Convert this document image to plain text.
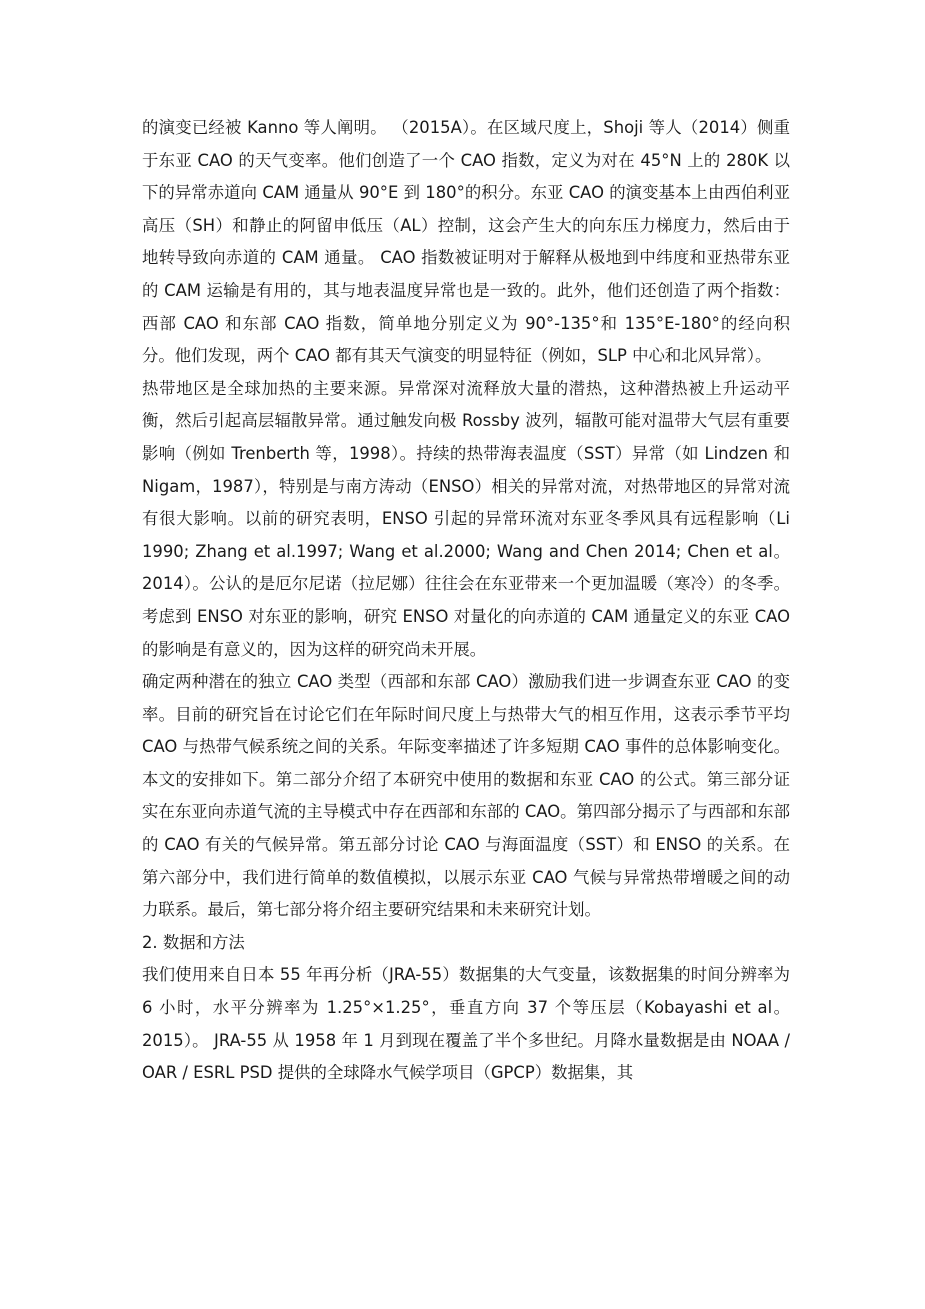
的演变已经被 Kanno 等人阐明。 （2015A）。在区域尺度上，Shoji 等人（2014）侧重于东亚 CAO 的天气变率。他们创造了一个 CAO 指数，定义为对在 45°N 上的 280K 以下的异常赤道向 CAM 通量从 90°E 到 180°的积分。东亚 CAO 的演变基本上由西伯利亚高压（SH）和静止的阿留申低压（AL）控制，这会产生大的向东压力梯度力，然后由于地转导致向赤道的 CAM 通量。 CAO 指数被证明对于解释从极地到中纬度和亚热带东亚的 CAM 运输是有用的，其与地表温度异常也是一致的。此外，他们还创造了两个指数：西部 CAO 和东部 CAO 指数，简单地分别定义为 90°-135°和 135°E-180°的经向积分。他们发现，两个 CAO 都有其天气演变的明显特征（例如，SLP 中心和北风异常）。

热带地区是全球加热的主要来源。异常深对流释放大量的潜热，这种潜热被上升运动平衡，然后引起高层辐散异常。通过触发向极 Rossby 波列，辐散可能对温带大气层有重要影响（例如 Trenberth 等，1998）。持续的热带海表温度（SST）异常（如 Lindzen 和 Nigam，1987），特别是与南方涛动（ENSO）相关的异常对流，对热带地区的异常对流有很大影响。以前的研究表明，ENSO 引起的异常环流对东亚冬季风具有远程影响（Li 1990; Zhang et al.1997; Wang et al.2000; Wang and Chen 2014; Chen et al。2014）。公认的是厄尔尼诺（拉尼娜）往往会在东亚带来一个更加温暖（寒冷）的冬季。考虑到 ENSO 对东亚的影响，研究 ENSO 对量化的向赤道的 CAM 通量定义的东亚 CAO 的影响是有意义的，因为这样的研究尚未开展。

确定两种潜在的独立 CAO 类型（西部和东部 CAO）激励我们进一步调查东亚 CAO 的变率。目前的研究旨在讨论它们在年际时间尺度上与热带大气的相互作用，这表示季节平均 CAO 与热带气候系统之间的关系。年际变率描述了许多短期 CAO 事件的总体影响变化。本文的安排如下。第二部分介绍了本研究中使用的数据和东亚 CAO 的公式。第三部分证实在东亚向赤道气流的主导模式中存在西部和东部的 CAO。第四部分揭示了与西部和东部的 CAO 有关的气候异常。第五部分讨论 CAO 与海面温度（SST）和 ENSO 的关系。在第六部分中，我们进行简单的数值模拟，以展示东亚 CAO 气候与异常热带增暖之间的动力联系。最后，第七部分将介绍主要研究结果和未来研究计划。

2. 数据和方法

我们使用来自日本 55 年再分析（JRA-55）数据集的大气变量，该数据集的时间分辨率为 6 小时，水平分辨率为 1.25°×1.25°，垂直方向 37 个等压层（Kobayashi et al。2015）。 JRA-55 从 1958 年 1 月到现在覆盖了半个多世纪。月降水量数据是由 NOAA / OAR / ESRL PSD 提供的全球降水气候学项目（GPCP）数据集，其
